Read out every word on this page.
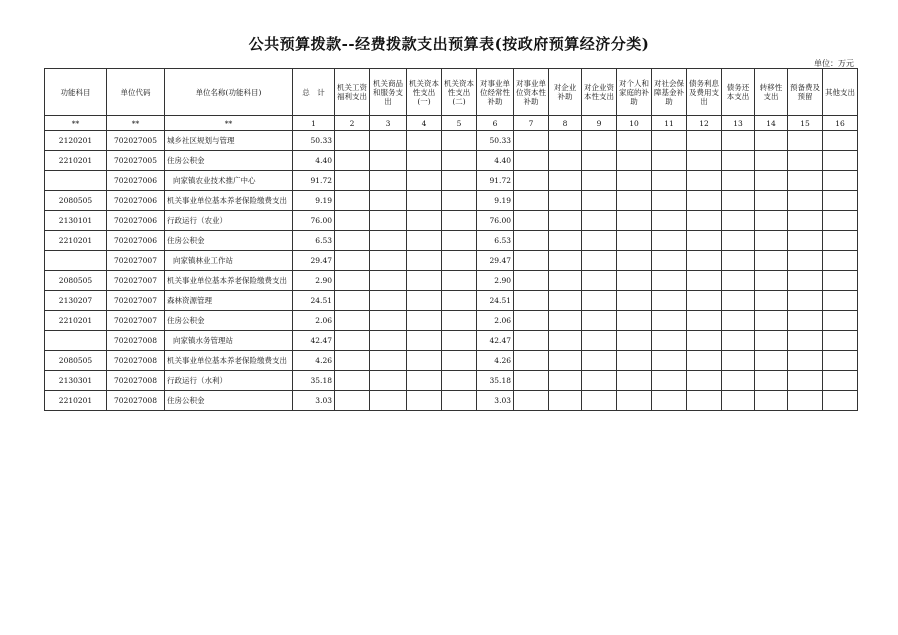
公共预算拨款--经费拨款支出预算表(按政府预算经济分类)
单位：万元
功能科目	单位代码	单位名称(功能科目)	总　计	机关工资福利支出	机关商品和服务支出	机关资本性支出(一)	机关资本性支出(二)	对事业单位经常性补助	对事业单位资本性补助	对企业补助	对企业资本性支出	对个人和家庭的补助	对社会保障基金补助	债务利息及费用支出	债务还本支出	转移性支出	预备费及预留	其他支出
**	**	**	1	2	3	4	5	6	7	8	9	10	11	12	13	14	15	16
2120201	702027005	城乡社区规划与管理	50.33					50.33										
2210201	702027005	住房公积金	4.40					4.40										
	702027006	向家镇农业技术推广中心	91.72					91.72										
2080505	702027006	机关事业单位基本养老保险缴费支出	9.19					9.19										
2130101	702027006	行政运行（农业）	76.00					76.00										
2210201	702027006	住房公积金	6.53					6.53										
	702027007	向家镇林业工作站	29.47					29.47										
2080505	702027007	机关事业单位基本养老保险缴费支出	2.90					2.90										
2130207	702027007	森林资源管理	24.51					24.51										
2210201	702027007	住房公积金	2.06					2.06										
	702027008	向家镇水务管理站	42.47					42.47										
2080505	702027008	机关事业单位基本养老保险缴费支出	4.26					4.26										
2130301	702027008	行政运行（水利）	35.18					35.18										
2210201	702027008	住房公积金	3.03					3.03										
